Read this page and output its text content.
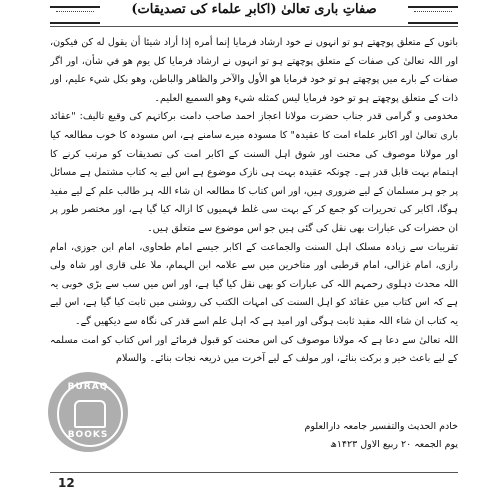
صفاتِ باری تعالیٰ (اکابرِ علماء کی تصدیقات)

باتوں کے متعلق پوچھتے ہو تو انہوں نے خود ارشاد فرمایا إنما أمره إذا أراد شيئا أن يقول له کن فیکون، اور اللہ تعالیٰ کی صفات کے متعلق پوچھتے ہو تو انہوں نے ارشاد فرمایا کل یوم هو في شأن، اور اگر صفات کے بارے میں پوچھتے ہو تو خود فرمایا هو الأول والآخر والظاهر والباطن، وهو بكل شيء عليم، اور ذات کے متعلق پوچھتے ہو تو خود فرمایا ليس كمثله شيء وهو السميع العليم۔

مخدومی و گرامی قدر جناب حضرت مولانا اعجاز احمد صاحب دامت برکاتہم کی وقیع تالیف: "عقائد باری تعالیٰ اور اکابر علماء امت کا عقیدہ" کا مسودہ میرے سامنے ہے، اس مسودہ کا خوب مطالعہ کیا اور مولانا موصوف کی محنت اور شوق اہل السنت کے اکابر امت کی تصدیقات کو مرتب کرنے کا اہتمام بہت قابل قدر ہے۔ چونکہ عقیدہ بہت ہی نازک موضوع ہے اس لیے یہ کتاب مشتمل ہے مسائل پر جو ہر مسلمان کے لیے ضروری ہیں، اور اس کتاب کا مطالعہ ان شاء اللہ ہر طالب علم کے لیے مفید ہوگا، اکابر کی تحریرات کو جمع کر کے بہت سی غلط فہمیوں کا ازالہ کیا گیا ہے، اور مختصر طور پر ان حضرات کی عبارات بھی نقل کی گئی ہیں جو اس موضوع سے متعلق ہیں۔

تقریبات سے زیادہ مسلک اہل السنت والجماعت کے اکابر جیسے امام طحاوی، امام ابن جوزی، امام رازی، امام غزالی، امام قرطبی اور متاخرین میں سے علامہ ابن الہمام، ملا علی قاری اور شاہ ولی اللہ محدث دہلوی رحمہم اللہ کی عبارات کو بھی نقل کیا گیا ہے، اور اس میں سب سے بڑی خوبی یہ ہے کہ اس کتاب میں عقائد کو اہل السنت کی امہات الکتب کی روشنی میں ثابت کیا گیا ہے، اس لیے یہ کتاب ان شاء اللہ مفید ثابت ہوگی اور امید ہے کہ اہل علم اسے قدر کی نگاہ سے دیکھیں گے۔

اللہ تعالیٰ سے دعا ہے کہ مولانا موصوف کی اس محنت کو قبول فرمائے اور اس کتاب کو امت مسلمہ کے لیے باعث خیر و برکت بنائے، اور مولف کے لیے آخرت میں ذریعہ نجات بنائے۔ والسلام

خادم الحدیث والتفسیر جامعہ دارالعلوم
یوم الجمعہ ۲۰ ربیع الاول ۱۴۲۳ھ
BURAQ
BOOKS
12
